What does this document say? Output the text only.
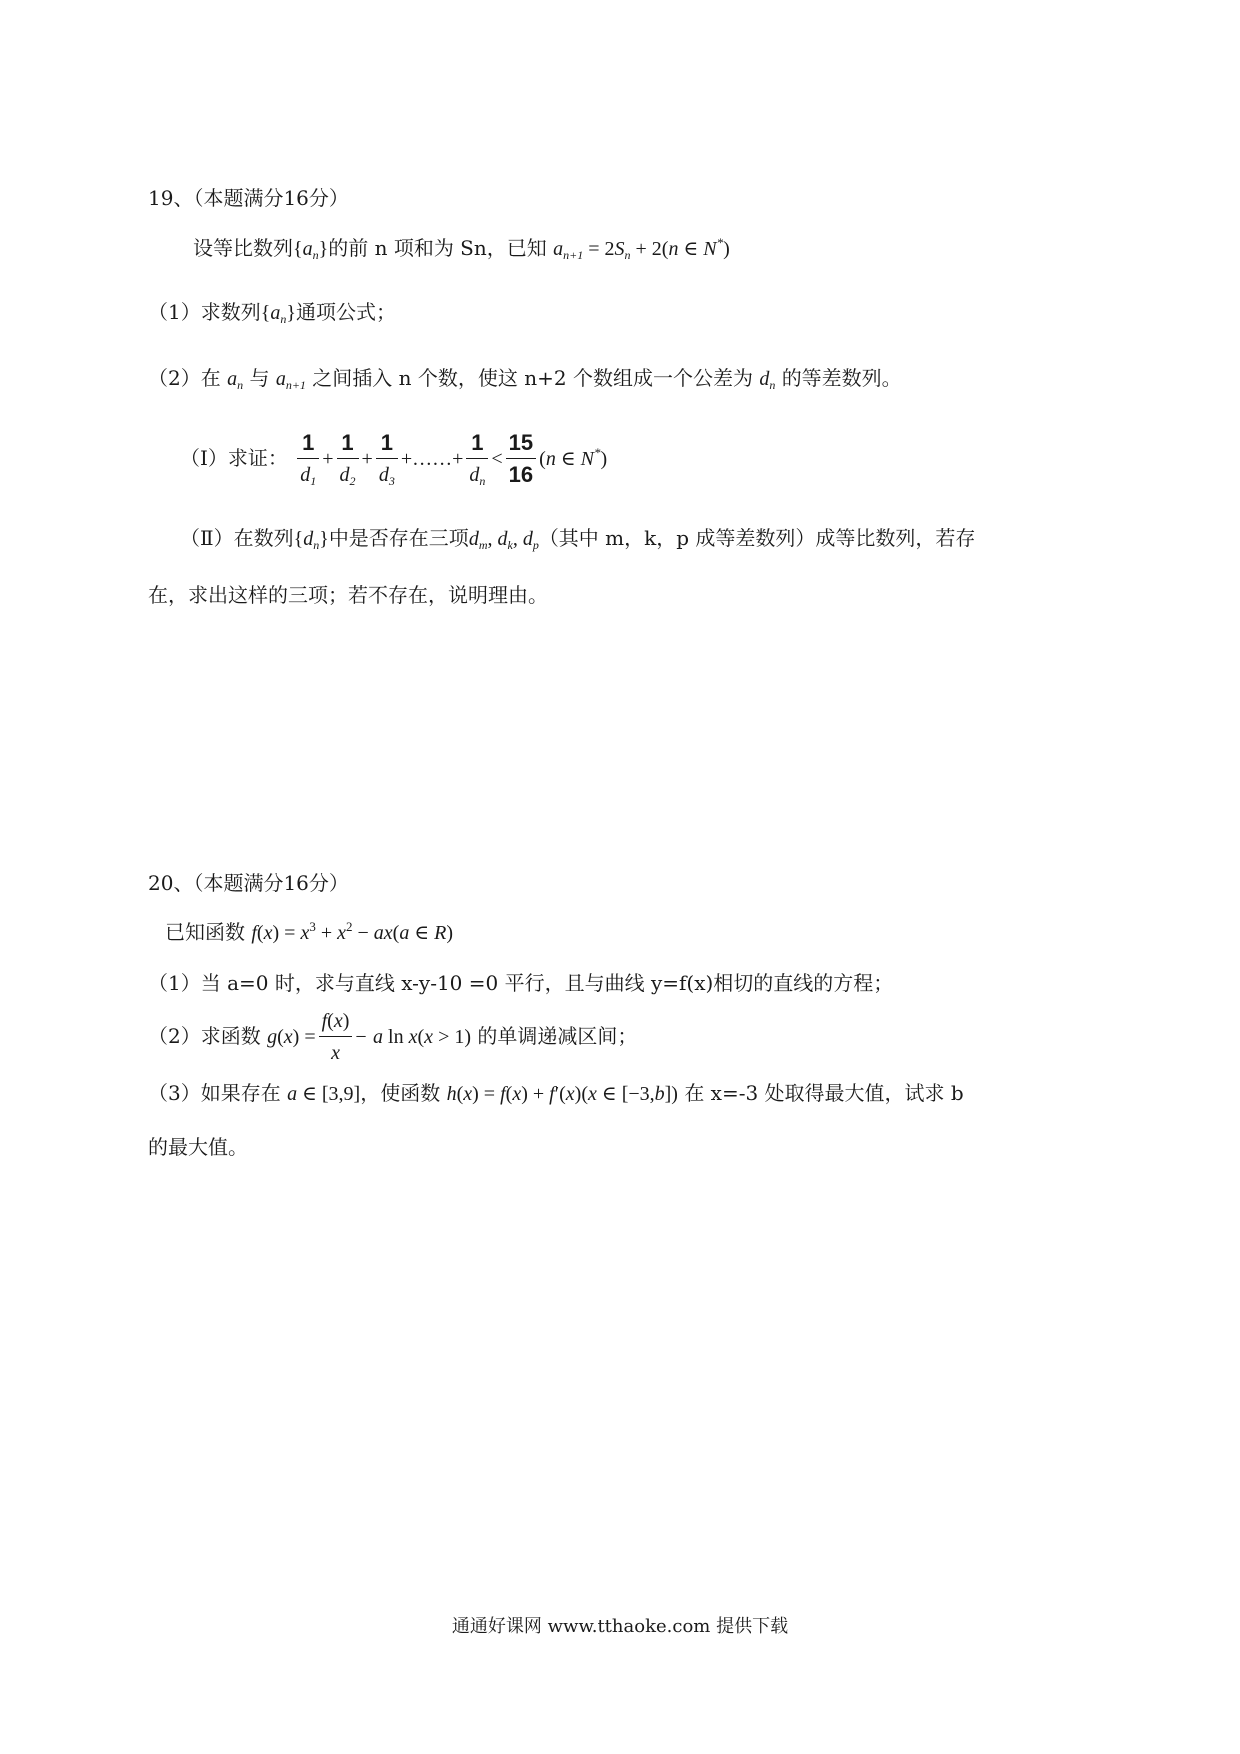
19、（本题满分16分）
设等比数列$\{a_n\}$的前 n 项和为 Sn，已知 $a_{n+1} = 2S_n + 2(n$ ∈ N*)
（1）求数列$\{a_n\}$通项公式；
（2）在 $a_n$ 与 $a_{n+1}$ 之间插入 n 个数，使这 n+2 个数组成一个公差为 $d_n$ 的等差数列。
（Ⅰ）求证： $\frac{1}{d_1} + \frac{1}{d_2} + \frac{1}{d_3}$ +……+ $\frac{1}{d_n} < \frac{15}{16} (n$ ∈ N*)
（Ⅱ）在数列$\{d_n\}$中是否存在三项$d_m$, $d_k$, $d_p$（其中 m，k，p 成等差数列）成等比数列，若存
在，求出这样的三项；若不存在，说明理由。
20、（本题满分16分）
已知函数 $f(x) = x^3 + x^2 - ax(a$ ∈ R)
（1）当 a=0 时，求与直线 x-y-10 =0 平行，且与曲线 y=f(x)相切的直线的方程；
（2）求函数 $g(x) = \frac{f(x)}{x} - a$ ln x(x > 1) 的单调递减区间；
（3）如果存在 a ∈ [3,9]，使函数 h(x) = f(x) + f′(x)(x ∈ [−3,b]) 在 x=-3 处取得最大值，试求 b
的最大值。
通通好课网 www.tthaoke.com 提供下载
